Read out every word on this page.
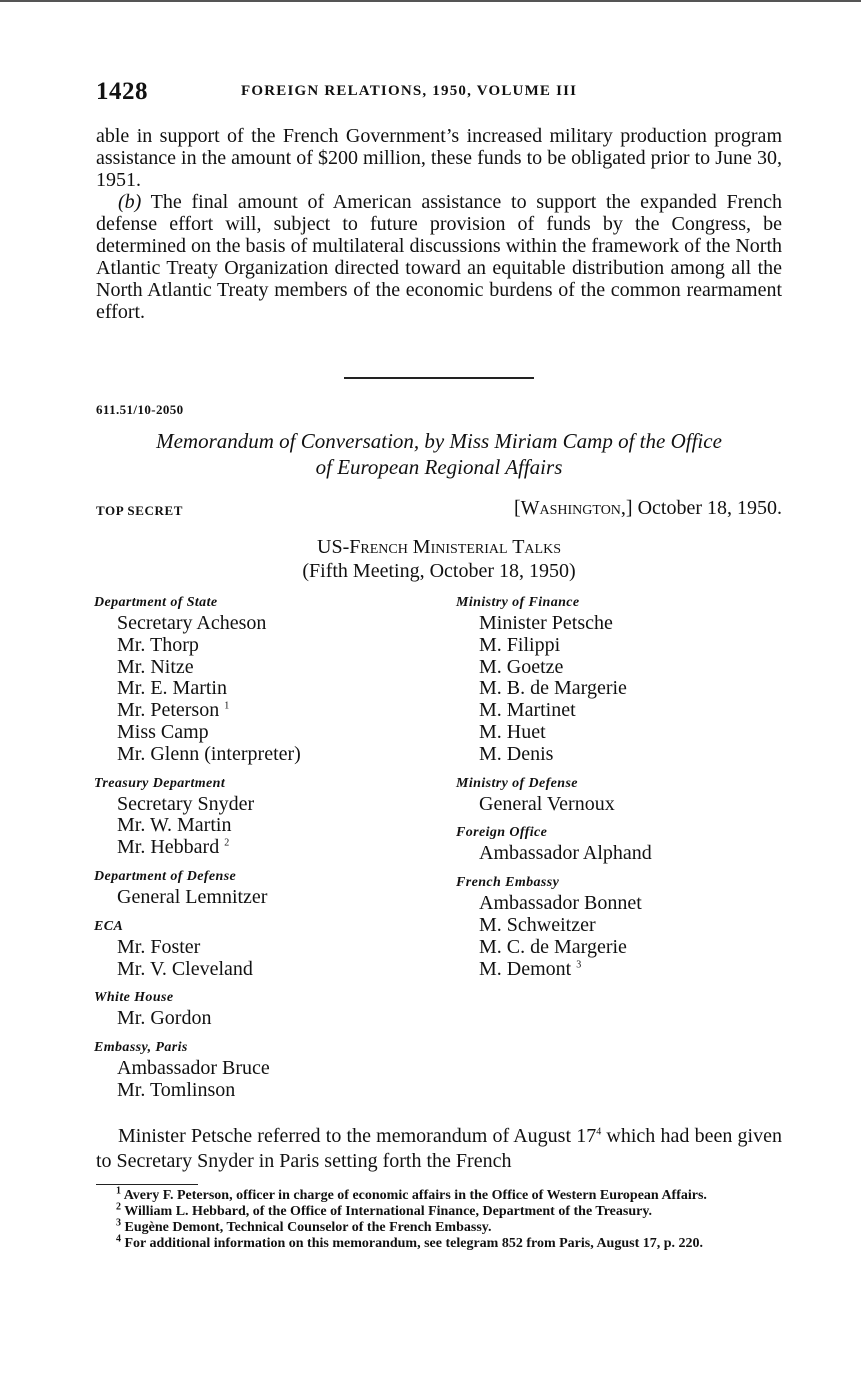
1428	FOREIGN RELATIONS, 1950, VOLUME III

able in support of the French Government’s increased military production program assistance in the amount of $200 million, these funds to be obligated prior to June 30, 1951.

(b) The final amount of American assistance to support the expanded French defense effort will, subject to future provision of funds by the Congress, be determined on the basis of multilateral discussions within the framework of the North Atlantic Treaty Organization directed toward an equitable distribution among all the North Atlantic Treaty members of the economic burdens of the common rearmament effort.

611.51/10-2050
Memorandum of Conversation, by Miss Miriam Camp of the Office
of European Regional Affairs
TOP SECRET	[Washington,] October 18, 1950.
US-French Ministerial Talks
(Fifth Meeting, October 18, 1950)
Department of State
Secretary Acheson
Mr. Thorp
Mr. Nitze
Mr. E. Martin
Mr. Peterson $^1$
Miss Camp
Mr. Glenn (interpreter)
Treasury Department
Secretary Snyder
Mr. W. Martin
Mr. Hebbard $^2$
Department of Defense
General Lemnitzer
ECA
Mr. Foster
Mr. V. Cleveland
White House
Mr. Gordon
Embassy, Paris
Ambassador Bruce
Mr. Tomlinson
Ministry of Finance
Minister Petsche
M. Filippi
M. Goetze
M. B. de Margerie
M. Martinet
M. Huet
M. Denis
Ministry of Defense
General Vernoux
Foreign Office
Ambassador Alphand
French Embassy
Ambassador Bonnet
M. Schweitzer
M. C. de Margerie
M. Demont $^3$

Minister Petsche referred to the memorandum of August $17^4$ which had been given to Secretary Snyder in Paris setting forth the French

$^1$ Avery F. Peterson, officer in charge of economic affairs in the Office of Western European Affairs.
$^2$ William L. Hebbard, of the Office of International Finance, Department of the Treasury.
$^3$ Eugène Demont, Technical Counselor of the French Embassy.
$^4$ For additional information on this memorandum, see telegram 852 from Paris, August 17, p. 220.
